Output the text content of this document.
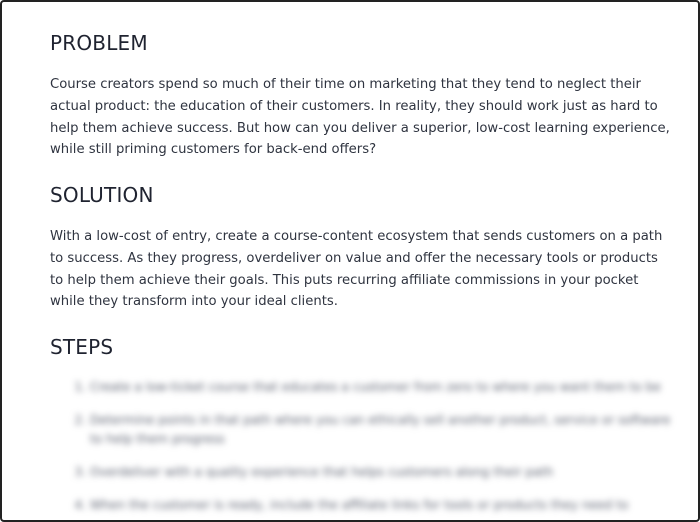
PROBLEM

Course creators spend so much of their time on marketing that they tend to neglect their actual product: the education of their customers. In reality, they should work just as hard to help them achieve success. But how can you deliver a superior, low-cost learning experience, while still priming customers for back-end offers?

SOLUTION

With a low-cost of entry, create a course-content ecosystem that sends customers on a path to success. As they progress, overdeliver on value and offer the necessary tools or products to help them achieve their goals. This puts recurring affiliate commissions in your pocket while they transform into your ideal clients.

STEPS
1. Create a low-ticket course that educates a customer from zero to where you want them to be
2. Determine points in that path where you can ethically sell another product, service or software to help them progress
3. Overdeliver with a quality experience that helps customers along their path
4. When the customer is ready, include the affiliate links for tools or products they need to
